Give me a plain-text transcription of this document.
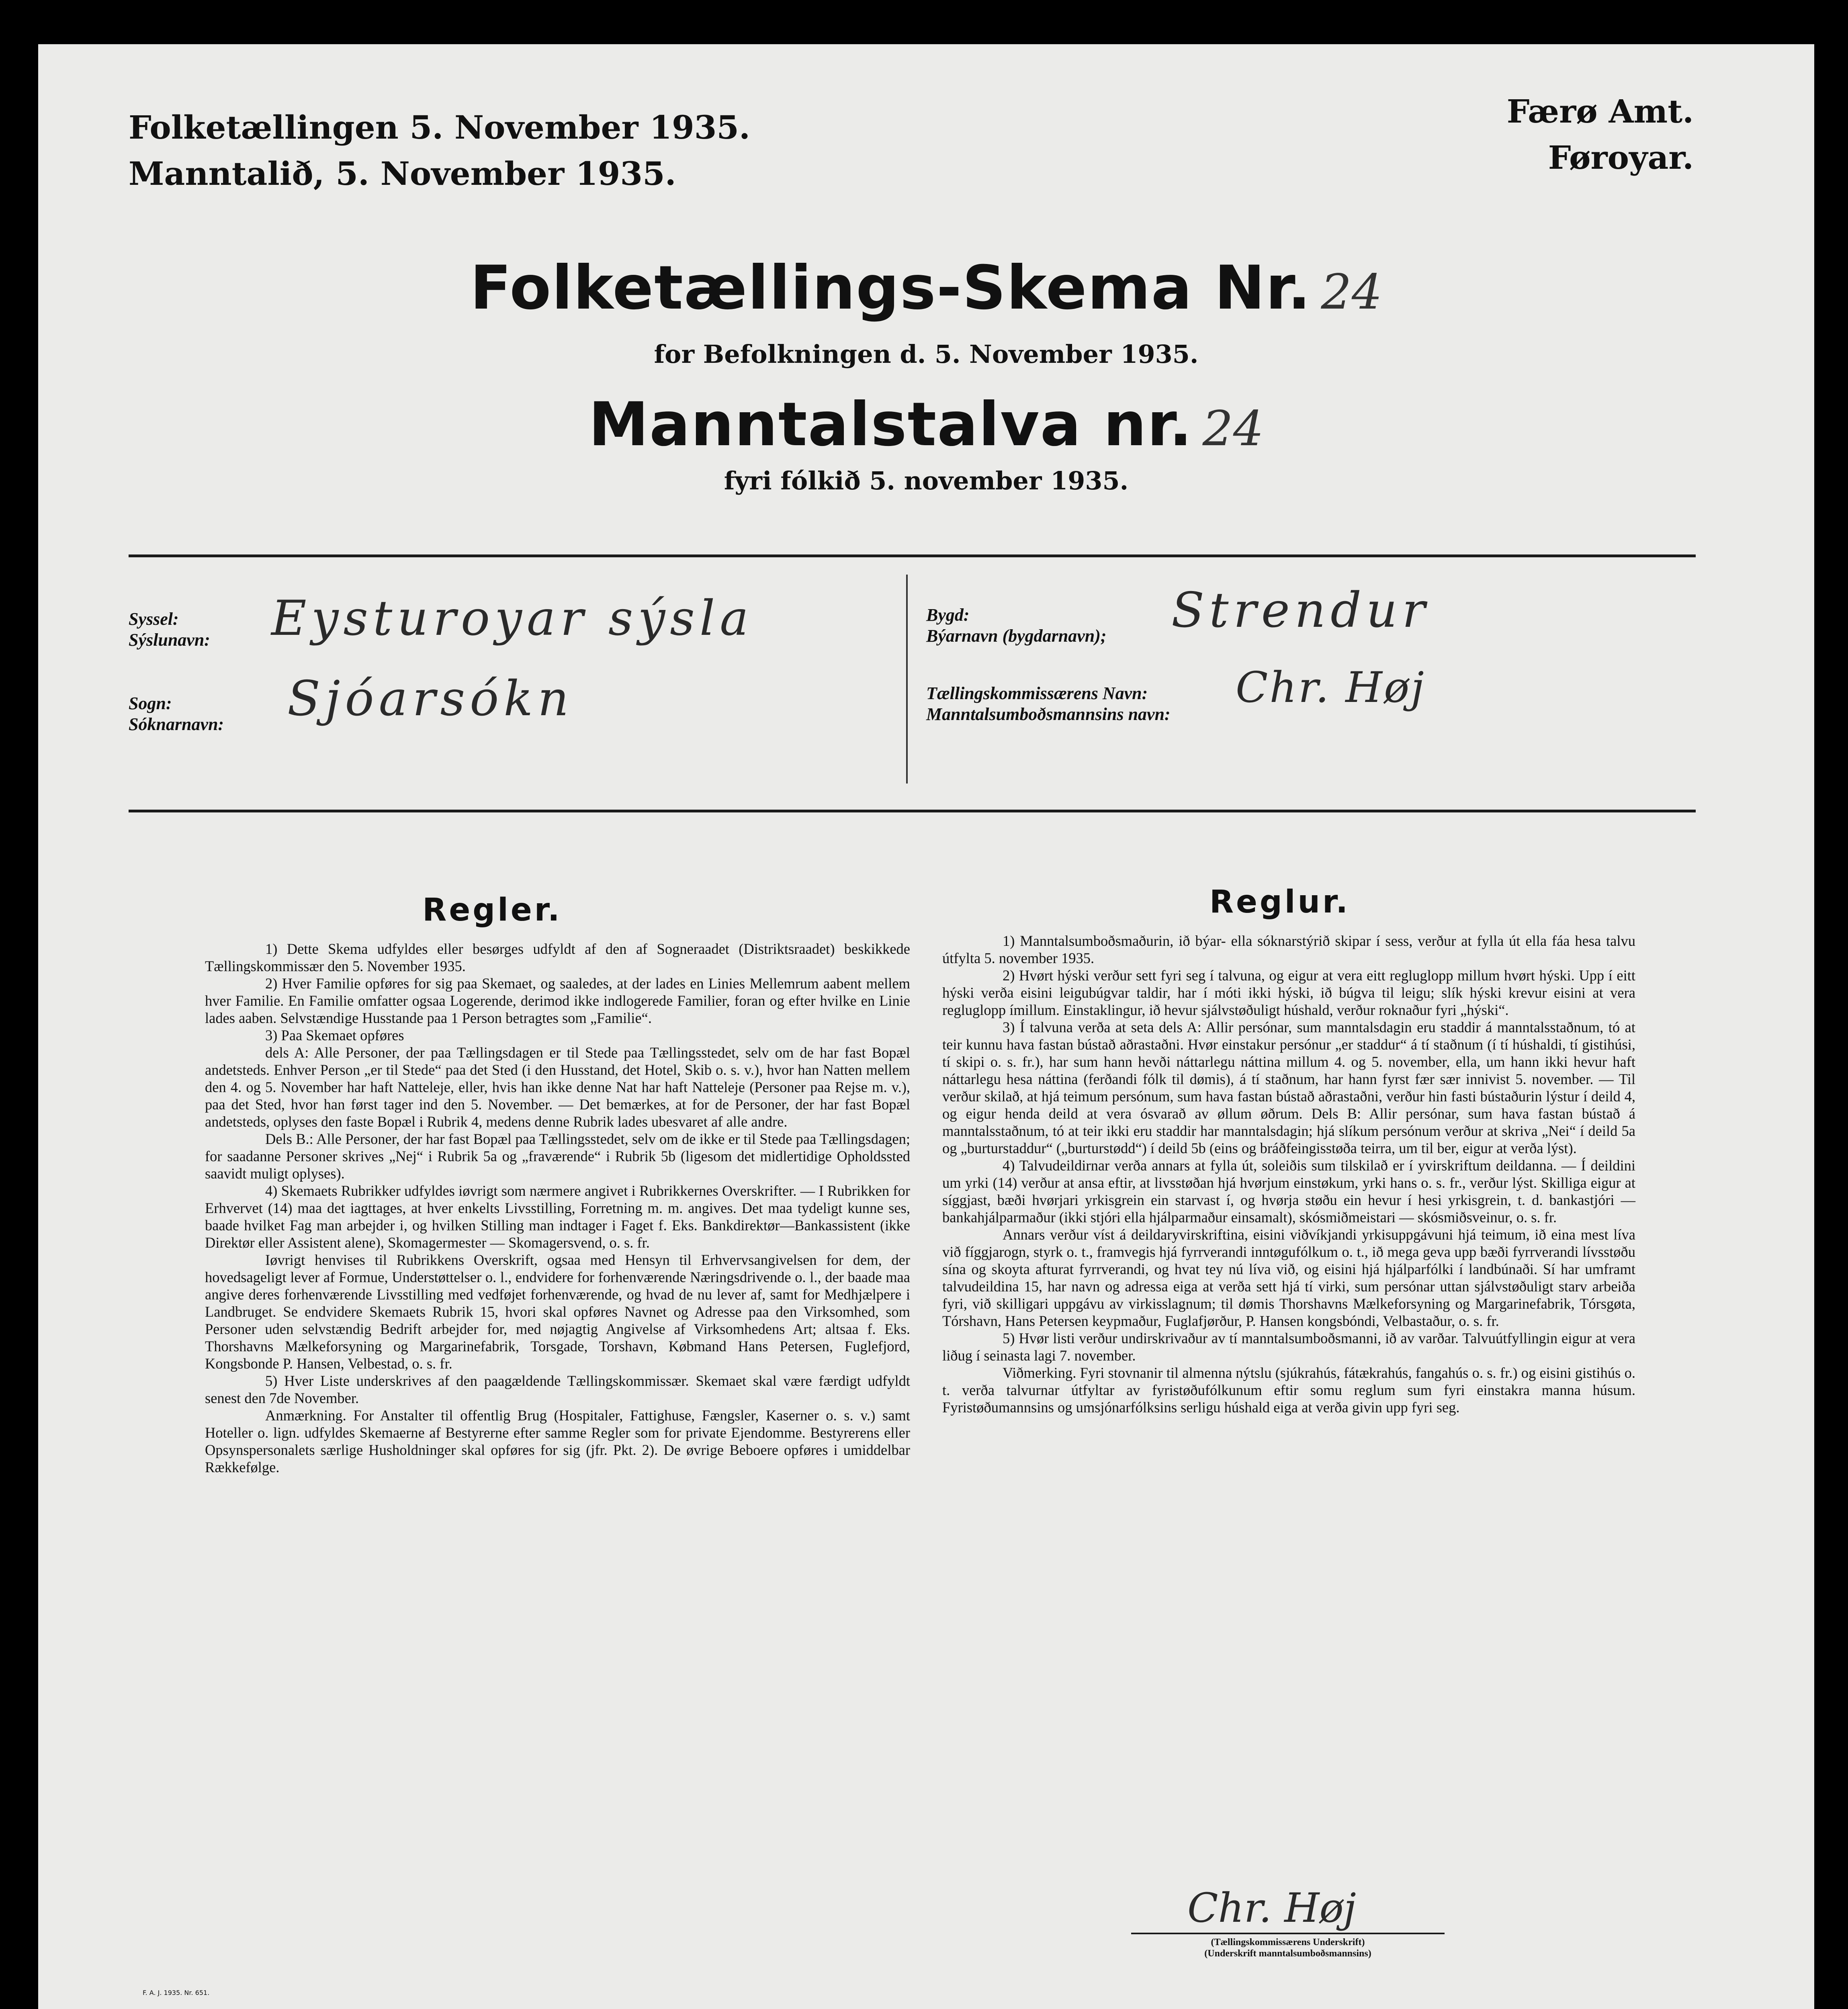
Folketællingen 5. November 1935.
Manntalið, 5. November 1935.
Færø Amt.
Føroyar.
Folketællings-Skema Nr. 24
for Befolkningen d. 5. November 1935.
Manntalstalva nr. 24
fyri fólkið 5. november 1935.
Syssel:
Sýslunavn: Eysturoyar sýsla
Sogn:
Sóknarnavn: Sjóarsókn
Bygd:
Býarnavn (bygdarnavn); Strendur
Tællingskommissærens Navn:
Manntalsumboðsmannsins navn:
Chr. Høj
Regler.

1) Dette Skema udfyldes eller besørges udfyldt af den af Sogneraadet (Distriktsraadet) beskikkede Tællingskommissær den 5. November 1935.

2) Hver Familie opføres for sig paa Skemaet, og saaledes, at der lades en Linies Mellemrum aabent mellem hver Familie. En Familie omfatter ogsaa Logerende, derimod ikke indlogerede Familier, foran og efter hvilke en Linie lades aaben. Selvstændige Husstande paa 1 Person betragtes som „Familie“.

3) Paa Skemaet opføres

dels A: Alle Personer, der paa Tællingsdagen er til Stede paa Tællingsstedet, selv om de har fast Bopæl andetsteds. Enhver Person „er til Stede“ paa det Sted (i den Husstand, det Hotel, Skib o. s. v.), hvor han Natten mellem den 4. og 5. November har haft Natteleje, eller, hvis han ikke denne Nat har haft Natteleje (Personer paa Rejse m. v.), paa det Sted, hvor han først tager ind den 5. November. — Det bemærkes, at for de Personer, der har fast Bopæl andetsteds, oplyses den faste Bopæl i Rubrik 4, medens denne Rubrik lades ubesvaret af alle andre.

Dels B.: Alle Personer, der har fast Bopæl paa Tællingsstedet, selv om de ikke er til Stede paa Tællingsdagen; for saadanne Personer skrives „Nej“ i Rubrik 5a og „fraværende“ i Rubrik 5b (ligesom det midlertidige Opholdssted saavidt muligt oplyses).

4) Skemaets Rubrikker udfyldes iøvrigt som nærmere angivet i Rubrikkernes Overskrifter. — I Rubrikken for Erhvervet (14) maa det iagttages, at hver enkelts Livsstilling, Forretning m. m. angives. Det maa tydeligt kunne ses, baade hvilket Fag man arbejder i, og hvilken Stilling man indtager i Faget f. Eks. Bankdirektør—Bankassistent (ikke Direktør eller Assistent alene), Skomagermester — Skomagersvend, o. s. fr.

Iøvrigt henvises til Rubrikkens Overskrift, ogsaa med Hensyn til Erhvervsangivelsen for dem, der hovedsageligt lever af Formue, Understøttelser o. l., endvidere for forhenværende Næringsdrivende o. l., der baade maa angive deres forhenværende Livsstilling med vedføjet forhenværende, og hvad de nu lever af, samt for Medhjælpere i Landbruget. Se endvidere Skemaets Rubrik 15, hvori skal opføres Navnet og Adresse paa den Virksomhed, som Personer uden selvstændig Bedrift arbejder for, med nøjagtig Angivelse af Virksomhedens Art; altsaa f. Eks. Thorshavns Mælkeforsyning og Margarinefabrik, Torsgade, Torshavn, Købmand Hans Petersen, Fuglefjord, Kongsbonde P. Hansen, Velbestad, o. s. fr.

5) Hver Liste underskrives af den paagældende Tællingskommissær. Skemaet skal være færdigt udfyldt senest den 7de November.

Anmærkning. For Anstalter til offentlig Brug (Hospitaler, Fattighuse, Fængsler, Kaserner o. s. v.) samt Hoteller o. lign. udfyldes Skemaerne af Bestyrerne efter samme Regler som for private Ejendomme. Bestyrerens eller Opsynspersonalets særlige Husholdninger skal opføres for sig (jfr. Pkt. 2). De øvrige Beboere opføres i umiddelbar Rækkefølge.

Reglur.

1) Manntalsumboðsmaðurin, ið býar- ella sóknarstýrið skipar í sess, verður at fylla út ella fáa hesa talvu útfylta 5. november 1935.

2) Hvørt hýski verður sett fyri seg í talvuna, og eigur at vera eitt regluglopp millum hvørt hýski. Upp í eitt hýski verða eisini leigubúgvar taldir, har í móti ikki hýski, ið búgva til leigu; slík hýski krevur eisini at vera regluglopp ímillum. Einstaklingur, ið hevur sjálvstøðuligt húshald, verður roknaður fyri „hýski“.

3) Í talvuna verða at seta dels A: Allir persónar, sum manntalsdagin eru staddir á manntalsstaðnum, tó at teir kunnu hava fastan bústað aðrastaðni. Hvør einstakur persónur „er staddur“ á tí staðnum (í tí húshaldi, tí gistihúsi, tí skipi o. s. fr.), har sum hann hevði náttarlegu náttina millum 4. og 5. november, ella, um hann ikki hevur haft náttarlegu hesa náttina (ferðandi fólk til dømis), á tí staðnum, har hann fyrst fær sær innivist 5. november. — Til verður skilað, at hjá teimum persónum, sum hava fastan bústað aðrastaðni, verður hin fasti bústaðurin lýstur í deild 4, og eigur henda deild at vera ósvarað av øllum øðrum. Dels B: Allir persónar, sum hava fastan bústað á manntalsstaðnum, tó at teir ikki eru staddir har manntalsdagin; hjá slíkum persónum verður at skriva „Nei“ í deild 5a og „burturstaddur“ („burturstødd“) í deild 5b (eins og bráðfeingisstøða teirra, um til ber, eigur at verða lýst).

4) Talvudeildirnar verða annars at fylla út, soleiðis sum tilskilað er í yvirskriftum deildanna. — Í deildini um yrki (14) verður at ansa eftir, at livsstøðan hjá hvørjum einstøkum, yrki hans o. s. fr., verður lýst. Skilliga eigur at síggjast, bæði hvørjari yrkisgrein ein starvast í, og hvørja støðu ein hevur í hesi yrkisgrein, t. d. bankastjóri — bankahjálparmaður (ikki stjóri ella hjálparmaður einsamalt), skósmiðmeistari — skósmiðsveinur, o. s. fr.

Annars verður víst á deildaryvirskriftina, eisini viðvíkjandi yrkisuppgávuni hjá teimum, ið eina mest líva við fíggjarogn, styrk o. t., framvegis hjá fyrrverandi inntøgufólkum o. t., ið mega geva upp bæði fyrrverandi lívsstøðu sína og skoyta afturat fyrrverandi, og hvat tey nú líva við, og eisini hjá hjálparfólki í landbúnaði. Sí har umframt talvudeildina 15, har navn og adressa eiga at verða sett hjá tí virki, sum persónar uttan sjálvstøðuligt starv arbeiða fyri, við skilligari uppgávu av virkisslagnum; til dømis Thorshavns Mælkeforsyning og Margarinefabrik, Tórsgøta, Tórshavn, Hans Petersen keypmaður, Fuglafjørður, P. Hansen kongsbóndi, Velbastaður, o. s. fr.

5) Hvør listi verður undirskrivaður av tí manntalsumboðsmanni, ið av varðar. Talvuútfyllingin eigur at vera liðug í seinasta lagi 7. november.

Viðmerking. Fyri stovnanir til almenna nýtslu (sjúkrahús, fátækrahús, fangahús o. s. fr.) og eisini gistihús o. t. verða talvurnar útfyltar av fyristøðufólkunum eftir somu reglum sum fyri einstakra manna húsum. Fyristøðumannsins og umsjónarfólksins serligu húshald eiga at verða givin upp fyri seg.

Chr. Høj
(Tællingskommissærens Underskrift)
(Underskrift manntalsumboðsmannsins)
F. A. J. 1935. Nr. 651.
